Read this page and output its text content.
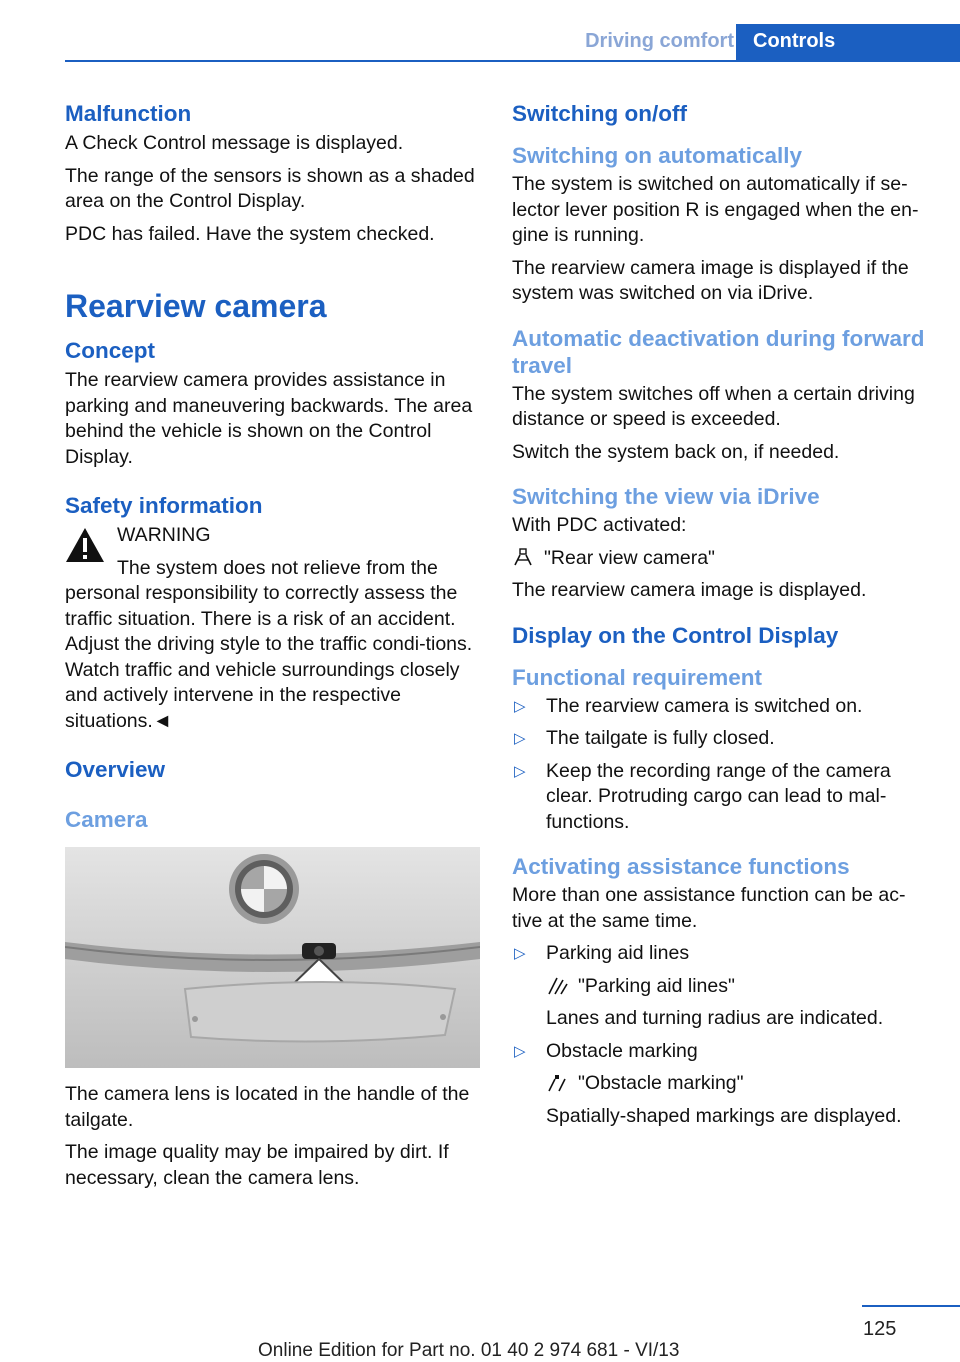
Driving comfort Controls
Malfunction

A Check Control message is displayed.

The range of the sensors is shown as a shaded area on the Control Display.

PDC has failed. Have the system checked.

Rearview camera
Concept

The rearview camera provides assistance in parking and maneuvering backwards. The area behind the vehicle is shown on the Control Display.

Safety information
WARNING
The system does not relieve from the

personal responsibility to correctly assess the traffic situation. There is a risk of an accident. Adjust the driving style to the traffic condi-tions. Watch traffic and vehicle surroundings closely and actively intervene in the respective situations.◄

Overview
Camera

The camera lens is located in the handle of the tailgate.

The image quality may be impaired by dirt. If necessary, clean the camera lens.

Switching on/off
Switching on automatically

The system is switched on automatically if se-lector lever position R is engaged when the en-gine is running.

The rearview camera image is displayed if the system was switched on via iDrive.

Automatic deactivation during forward travel

The system switches off when a certain driving distance or speed is exceeded.

Switch the system back on, if needed.

Switching the view via iDrive

With PDC activated:

"Rear view camera"

The rearview camera image is displayed.

Display on the Control Display
Functional requirement
▷ The rearview camera is switched on.
▷ The tailgate is fully closed.
▷ Keep the recording range of the camera clear. Protruding cargo can lead to mal-functions.
Activating assistance functions

More than one assistance function can be ac-tive at the same time.

▷ Parking aid lines
"Parking aid lines"
Lanes and turning radius are indicated.
▷ Obstacle marking
"Obstacle marking"
Spatially-shaped markings are displayed.
125
Online Edition for Part no. 01 40 2 974 681 - VI/13
